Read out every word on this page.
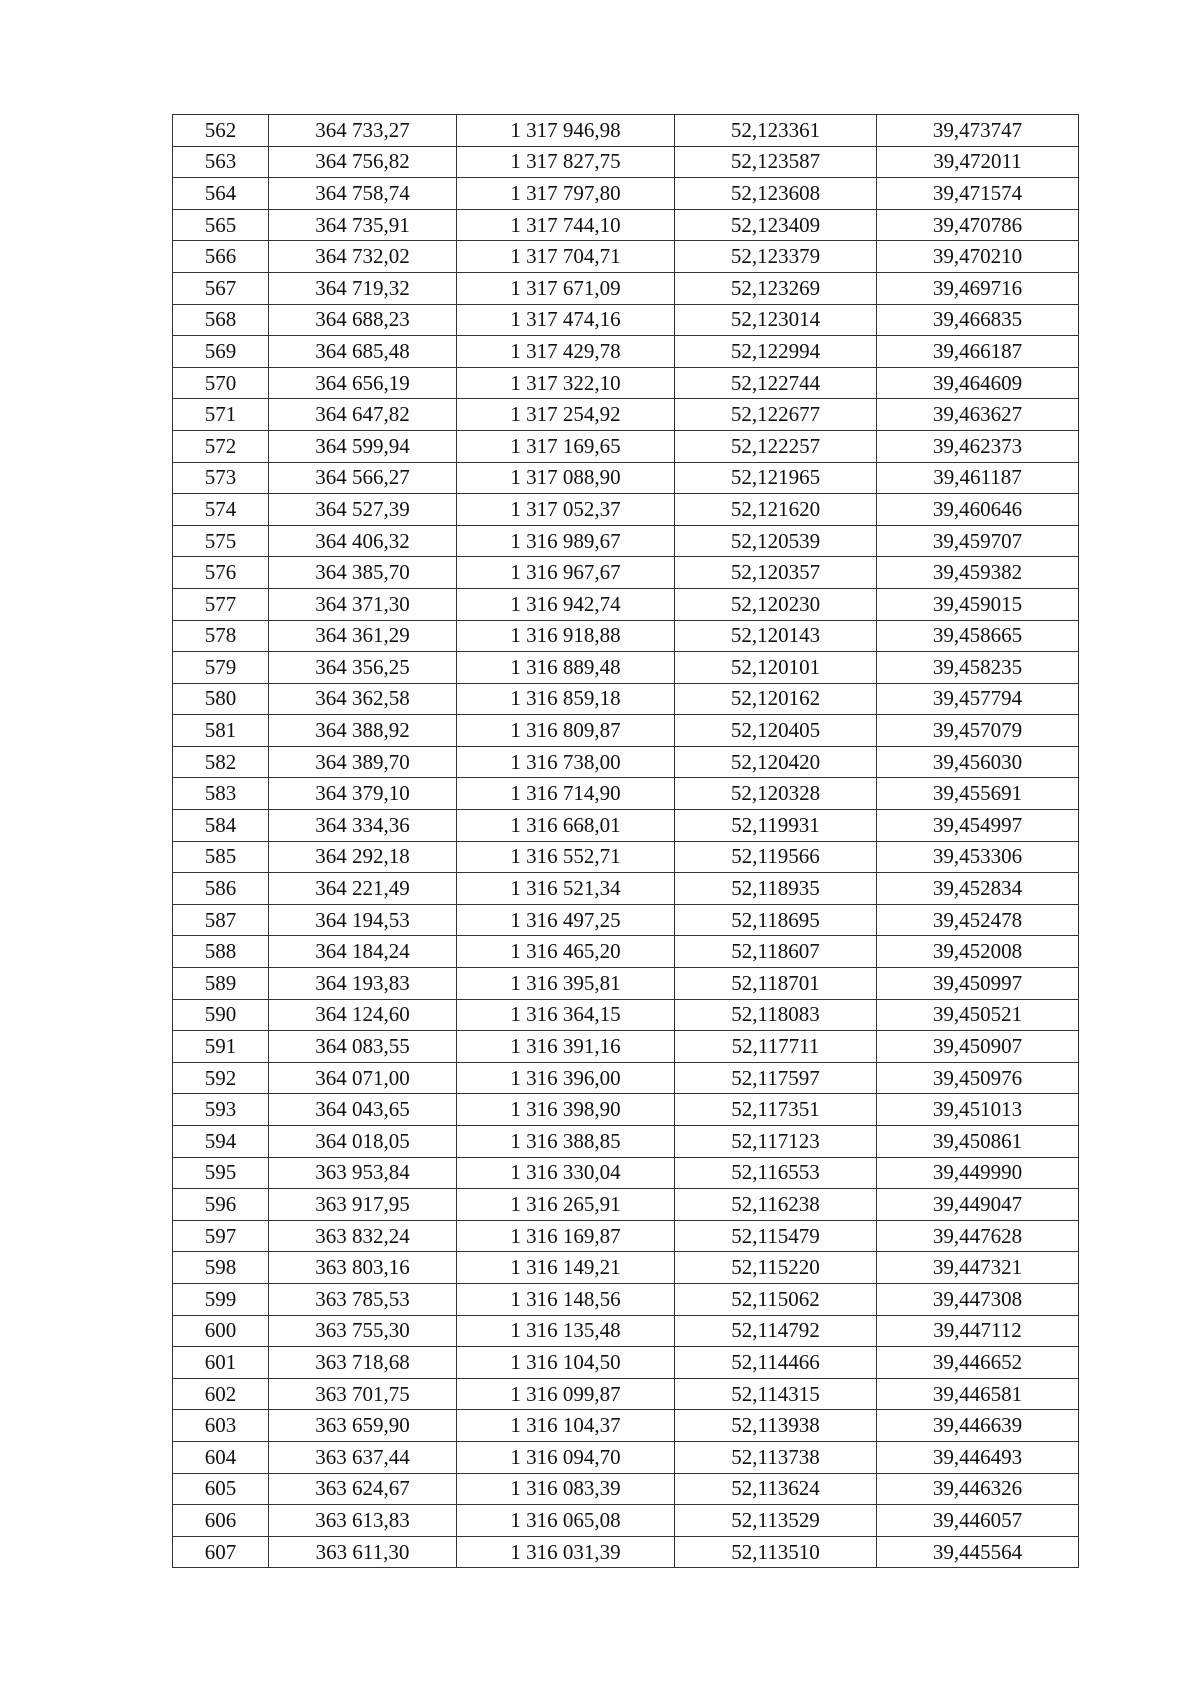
562	364 733,27	1 317 946,98	52,123361	39,473747
563	364 756,82	1 317 827,75	52,123587	39,472011
564	364 758,74	1 317 797,80	52,123608	39,471574
565	364 735,91	1 317 744,10	52,123409	39,470786
566	364 732,02	1 317 704,71	52,123379	39,470210
567	364 719,32	1 317 671,09	52,123269	39,469716
568	364 688,23	1 317 474,16	52,123014	39,466835
569	364 685,48	1 317 429,78	52,122994	39,466187
570	364 656,19	1 317 322,10	52,122744	39,464609
571	364 647,82	1 317 254,92	52,122677	39,463627
572	364 599,94	1 317 169,65	52,122257	39,462373
573	364 566,27	1 317 088,90	52,121965	39,461187
574	364 527,39	1 317 052,37	52,121620	39,460646
575	364 406,32	1 316 989,67	52,120539	39,459707
576	364 385,70	1 316 967,67	52,120357	39,459382
577	364 371,30	1 316 942,74	52,120230	39,459015
578	364 361,29	1 316 918,88	52,120143	39,458665
579	364 356,25	1 316 889,48	52,120101	39,458235
580	364 362,58	1 316 859,18	52,120162	39,457794
581	364 388,92	1 316 809,87	52,120405	39,457079
582	364 389,70	1 316 738,00	52,120420	39,456030
583	364 379,10	1 316 714,90	52,120328	39,455691
584	364 334,36	1 316 668,01	52,119931	39,454997
585	364 292,18	1 316 552,71	52,119566	39,453306
586	364 221,49	1 316 521,34	52,118935	39,452834
587	364 194,53	1 316 497,25	52,118695	39,452478
588	364 184,24	1 316 465,20	52,118607	39,452008
589	364 193,83	1 316 395,81	52,118701	39,450997
590	364 124,60	1 316 364,15	52,118083	39,450521
591	364 083,55	1 316 391,16	52,117711	39,450907
592	364 071,00	1 316 396,00	52,117597	39,450976
593	364 043,65	1 316 398,90	52,117351	39,451013
594	364 018,05	1 316 388,85	52,117123	39,450861
595	363 953,84	1 316 330,04	52,116553	39,449990
596	363 917,95	1 316 265,91	52,116238	39,449047
597	363 832,24	1 316 169,87	52,115479	39,447628
598	363 803,16	1 316 149,21	52,115220	39,447321
599	363 785,53	1 316 148,56	52,115062	39,447308
600	363 755,30	1 316 135,48	52,114792	39,447112
601	363 718,68	1 316 104,50	52,114466	39,446652
602	363 701,75	1 316 099,87	52,114315	39,446581
603	363 659,90	1 316 104,37	52,113938	39,446639
604	363 637,44	1 316 094,70	52,113738	39,446493
605	363 624,67	1 316 083,39	52,113624	39,446326
606	363 613,83	1 316 065,08	52,113529	39,446057
607	363 611,30	1 316 031,39	52,113510	39,445564
